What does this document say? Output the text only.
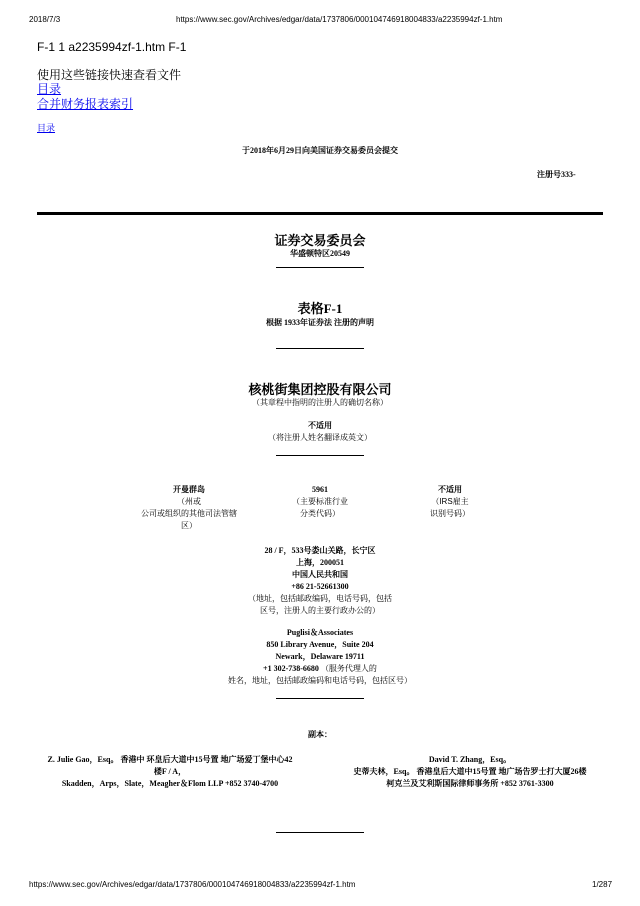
2018/7/3	https://www.sec.gov/Archives/edgar/data/1737806/000104746918004833/a2235994zf-1.htm
F-1 1 a2235994zf-1.htm F-1
使用这些链接快速查看文件
目录
合并财务报表索引
目录
于2018年6月29日向美国证券交易委员会提交
注册号333-
证券交易委员会
华盛顿特区20549
表格F-1
根据 1933年证券法 注册的声明
核桃街集团控股有限公司
（其章程中指明的注册人的确切名称）
不适用
（将注册人姓名翻译成英文）
开曼群岛
（州或
公司或组织的其他司法管辖
区）
5961
（主要标准行业
分类代码）
不适用
（IRS雇主
识别号码）
28 / F，533号娄山关路，长宁区
上海，200051
中国人民共和国
+86 21-52661300
（地址，包括邮政编码，电话号码，包括
区号，注册人的主要行政办公的）
Puglisi＆Associates
850 Library Avenue，Suite 204
Newark，Delaware 19711
+1 302-738-6680 （服务代理人的
姓名，地址，包括邮政编码和电话号码，包括区号）
副本：
Z. Julie Gao，Esq。 香港中 环皇后大道中15号置 地广场爱丁堡中心42
楼F / A，
Skadden，Arps，Slate，Meagher＆Flom LLP +852 3740-4700
David T. Zhang，Esq。
史蒂夫林，Esq。 香港皇后大道中15号置 地广场告罗士打大厦26楼
柯克兰及艾利斯国际律师事务所 +852 3761-3300
https://www.sec.gov/Archives/edgar/data/1737806/000104746918004833/a2235994zf-1.htm	1/287
